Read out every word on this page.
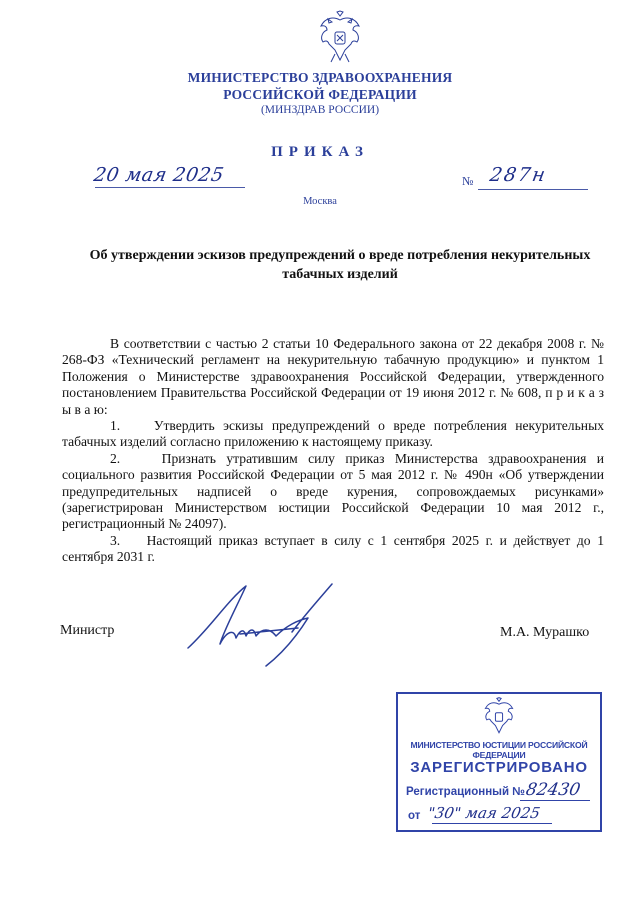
МИНИСТЕРСТВО ЗДРАВООХРАНЕНИЯ
РОССИЙСКОЙ ФЕДЕРАЦИИ
(МИНЗДРАВ РОССИИ)
ПРИКАЗ
20 мая 2025	№ 287н
Москва
Об утверждении эскизов предупреждений о вреде потребления некурительных
табачных изделий

В соответствии с частью 2 статьи 10 Федерального закона от 22 декабря 2008 г. № 268-ФЗ «Технический регламент на некурительную табачную продукцию» и пунктом 1 Положения о Министерстве здравоохранения Российской Федерации, утвержденного постановлением Правительства Российской Федерации от 19 июня 2012 г. № 608, п р и к а з ы в а ю:

1.    Утвердить эскизы предупреждений о вреде потребления некурительных табачных изделий согласно приложению к настоящему приказу.

2.    Признать утратившим силу приказ Министерства здравоохранения и социального развития Российской Федерации от 5 мая 2012 г. № 490н «Об утверждении предупредительных надписей о вреде курения, сопровождаемых рисунками» (зарегистрирован Министерством юстиции Российской Федерации 10 мая 2012 г., регистрационный № 24097).

3.    Настоящий приказ вступает в силу с 1 сентября 2025 г. и действует до 1 сентября 2031 г.

Министр	М.А. Мурашко
МИНИСТЕРСТВО ЮСТИЦИИ РОССИЙСКОЙ ФЕДЕРАЦИИ
ЗАРЕГИСТРИРОВАНО
Регистрационный № 82430
от "30" мая 2025
